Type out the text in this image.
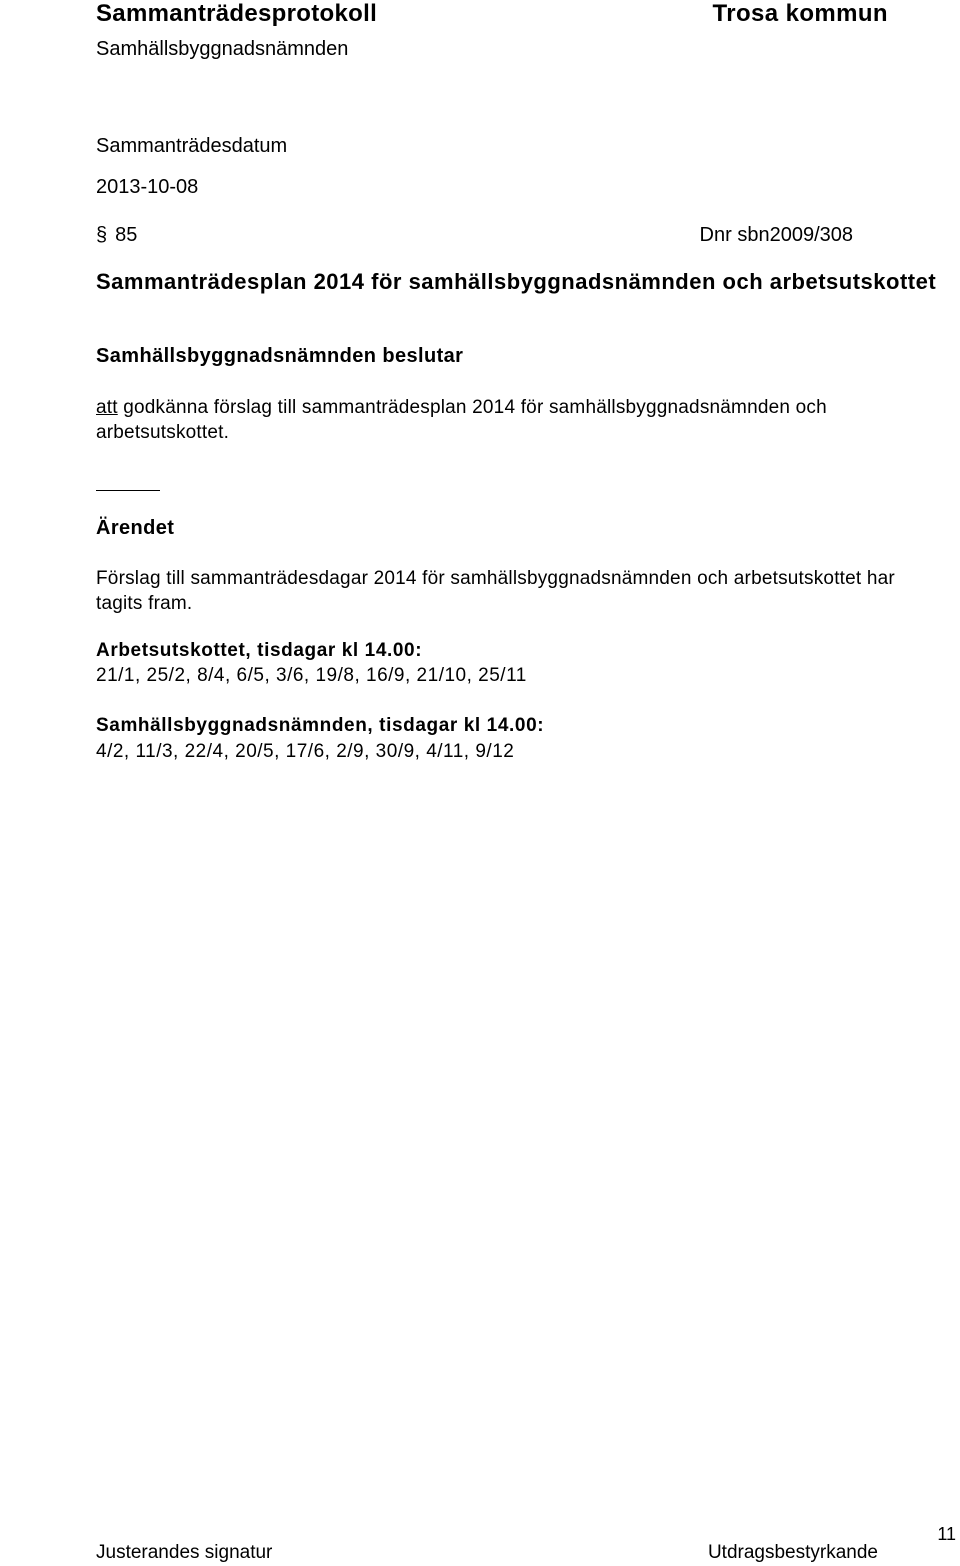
Sammanträdesprotokoll	Trosa kommun
Samhällsbyggnadsnämnden
Sammanträdesdatum
2013-10-08
§ 85	Dnr sbn2009/308
Sammanträdesplan 2014 för samhällsbyggnadsnämnden och arbetsutskottet
Samhällsbyggnadsnämnden beslutar
att godkänna förslag till sammanträdesplan 2014 för samhällsbyggnadsnämnden och arbetsutskottet.
Ärendet
Förslag till sammanträdesdagar 2014 för samhällsbyggnadsnämnden och arbetsutskottet har tagits fram.
Arbetsutskottet, tisdagar kl 14.00:
21/1, 25/2, 8/4, 6/5, 3/6, 19/8, 16/9, 21/10, 25/11
Samhällsbyggnadsnämnden, tisdagar kl 14.00:
4/2, 11/3, 22/4, 20/5, 17/6, 2/9, 30/9, 4/11, 9/12
Justerandes signatur	Utdragsbestyrkande
11
